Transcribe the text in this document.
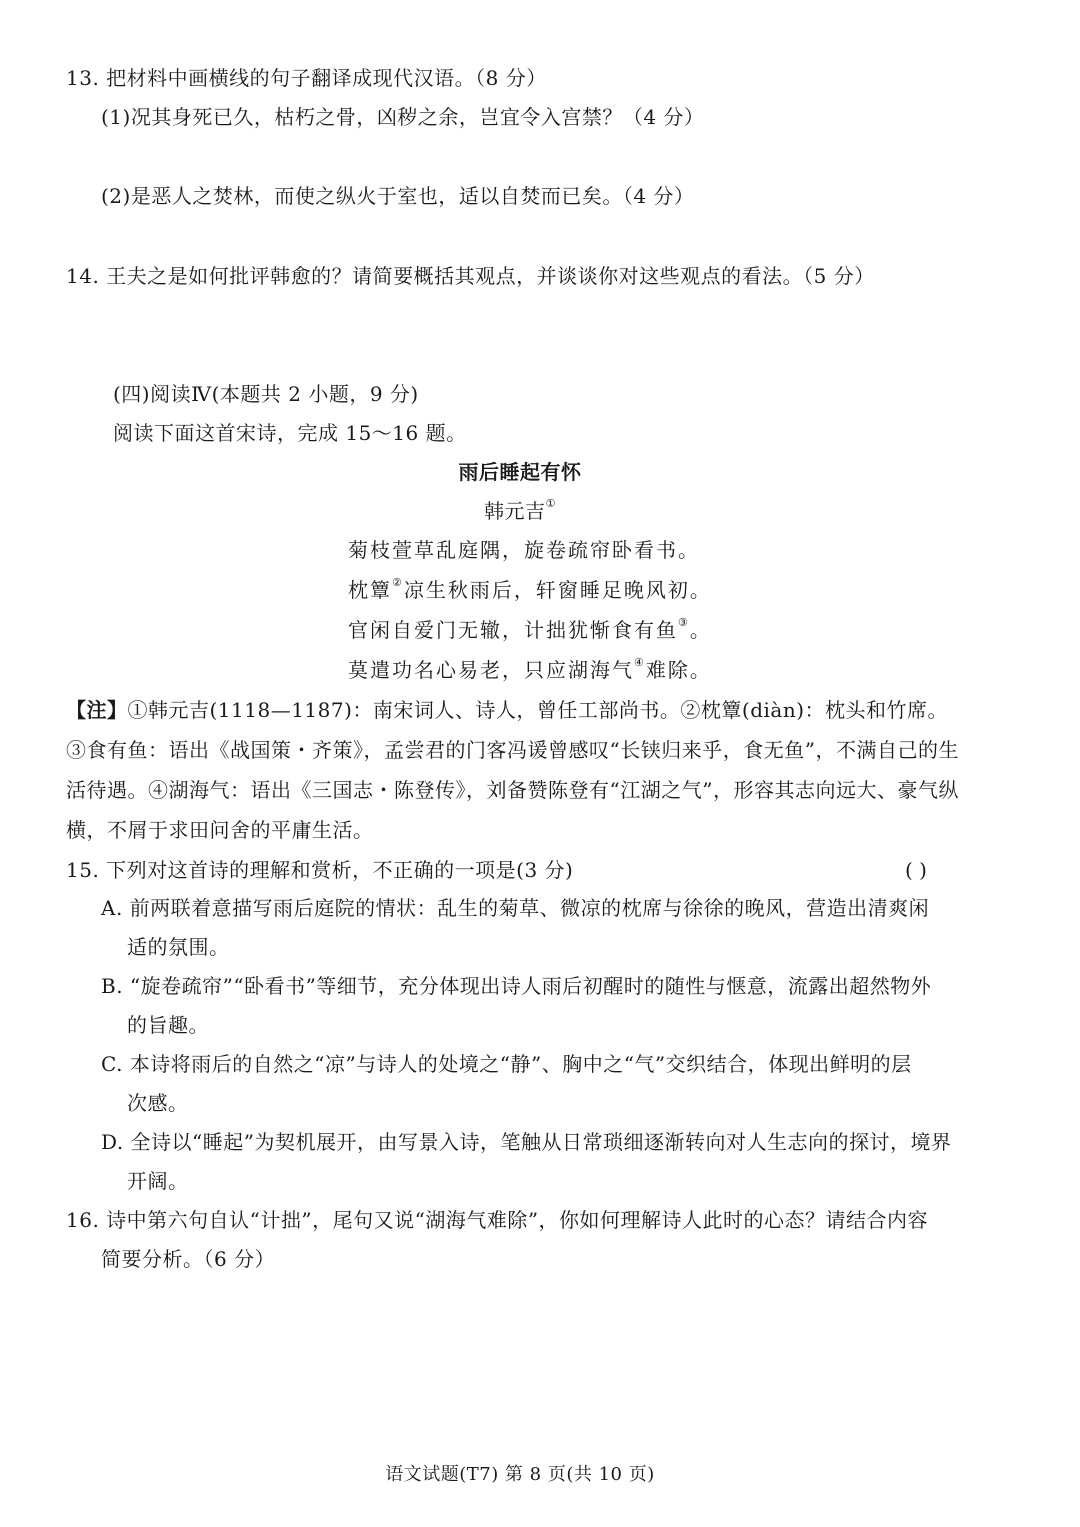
13. 把材料中画横线的句子翻译成现代汉语。（8 分）
(1)况其身死已久，枯朽之骨，凶秽之余，岂宜令入宫禁？（4 分）
(2)是恶人之焚林，而使之纵火于室也，适以自焚而已矣。（4 分）
14. 王夫之是如何批评韩愈的？请简要概括其观点，并谈谈你对这些观点的看法。（5 分）
(四)阅读Ⅳ(本题共 2 小题，9 分)
阅读下面这首宋诗，完成 15～16 题。
雨后睡起有怀
韩元吉①
菊枝萱草乱庭隅，旋卷疏帘卧看书。
枕簟②凉生秋雨后，轩窗睡足晚风初。
官闲自爱门无辙，计拙犹惭食有鱼③。
莫遣功名心易老，只应湖海气④难除。
【注】①韩元吉(1118—1187)：南宋词人、诗人，曾任工部尚书。②枕簟(diàn)：枕头和竹席。
③食有鱼：语出《战国策・齐策》，孟尝君的门客冯谖曾感叹“长铗归来乎，食无鱼”，不满自己的生
活待遇。④湖海气：语出《三国志・陈登传》，刘备赞陈登有“江湖之气”，形容其志向远大、豪气纵
横，不屑于求田问舍的平庸生活。
15. 下列对这首诗的理解和赏析，不正确的一项是(3 分)	( )
A. 前两联着意描写雨后庭院的情状：乱生的菊草、微凉的枕席与徐徐的晚风，营造出清爽闲
适的氛围。
B. “旋卷疏帘”“卧看书”等细节，充分体现出诗人雨后初醒时的随性与惬意，流露出超然物外
的旨趣。
C. 本诗将雨后的自然之“凉”与诗人的处境之“静”、胸中之“气”交织结合，体现出鲜明的层
次感。
D. 全诗以“睡起”为契机展开，由写景入诗，笔触从日常琐细逐渐转向对人生志向的探讨，境界
开阔。
16. 诗中第六句自认“计拙”，尾句又说“湖海气难除”，你如何理解诗人此时的心态？请结合内容
简要分析。（6 分）
语文试题(T7) 第 8 页(共 10 页)
